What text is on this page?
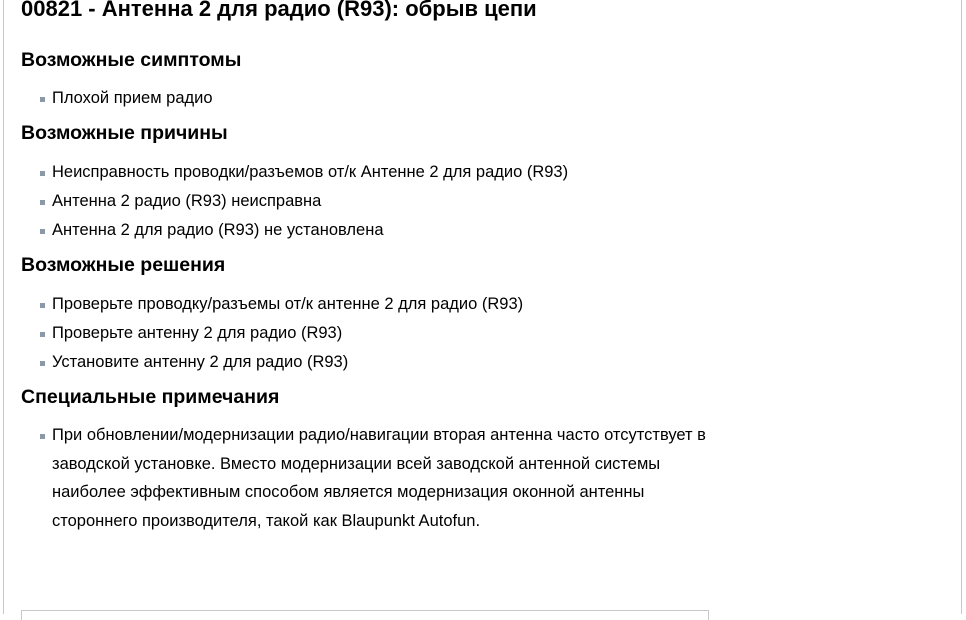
00821 - Антенна 2 для радио (R93): обрыв цепи
Возможные симптомы
Плохой прием радио
Возможные причины
Неисправность проводки/разъемов от/к Антенне 2 для радио (R93)
Антенна 2 радио (R93) неисправна
Антенна 2 для радио (R93) не установлена
Возможные решения
Проверьте проводку/разъемы от/к антенне 2 для радио (R93)
Проверьте антенну 2 для радио (R93)
Установите антенну 2 для радио (R93)
Специальные примечания
При обновлении/модернизации радио/навигации вторая антенна часто отсутствует в заводской установке. Вместо модернизации всей заводской антенной системы наиболее эффективным способом является модернизация оконной антенны стороннего производителя, такой как Blaupunkt Autofun.
